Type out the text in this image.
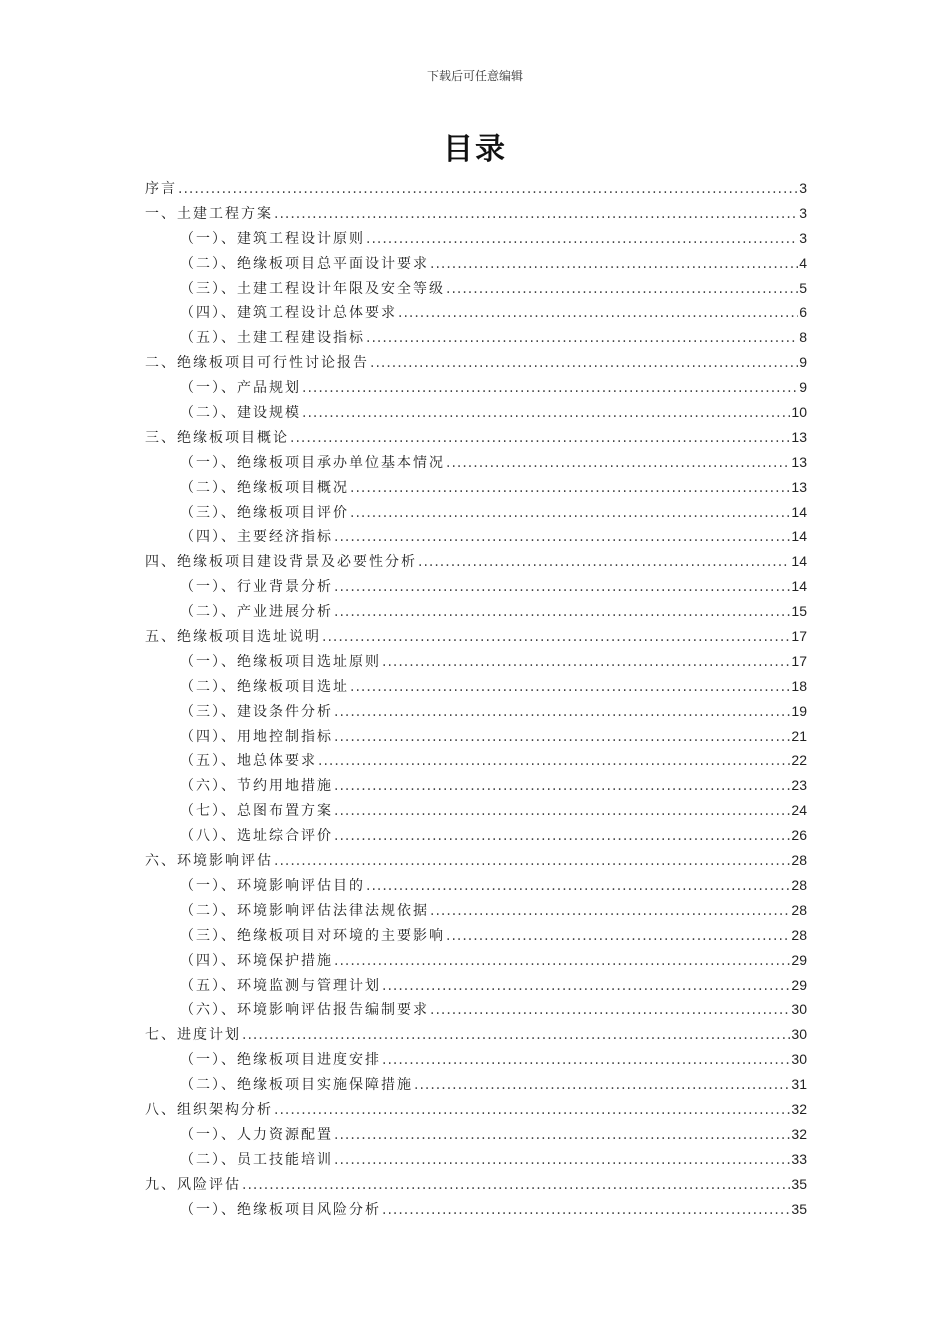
下载后可任意编辑
目录
序言 .....	3
一、土建工程方案 .....	3
（一）、建筑工程设计原则 .....	3
（二）、绝缘板项目总平面设计要求 .....	4
（三）、土建工程设计年限及安全等级 .....	5
（四）、建筑工程设计总体要求 .....	6
（五）、土建工程建设指标 .....	8
二、绝缘板项目可行性讨论报告 .....	9
（一）、产品规划 .....	9
（二）、建设规模 .....	10
三、绝缘板项目概论 .....	13
（一）、绝缘板项目承办单位基本情况 .....	13
（二）、绝缘板项目概况 .....	13
（三）、绝缘板项目评价 .....	14
（四）、主要经济指标 .....	14
四、绝缘板项目建设背景及必要性分析 .....	14
（一）、行业背景分析 .....	14
（二）、产业进展分析 .....	15
五、绝缘板项目选址说明 .....	17
（一）、绝缘板项目选址原则 .....	17
（二）、绝缘板项目选址 .....	18
（三）、建设条件分析 .....	19
（四）、用地控制指标 .....	21
（五）、地总体要求 .....	22
（六）、节约用地措施 .....	23
（七）、总图布置方案 .....	24
（八）、选址综合评价 .....	26
六、环境影响评估 .....	28
（一）、环境影响评估目的 .....	28
（二）、环境影响评估法律法规依据 .....	28
（三）、绝缘板项目对环境的主要影响 .....	28
（四）、环境保护措施 .....	29
（五）、环境监测与管理计划 .....	29
（六）、环境影响评估报告编制要求 .....	30
七、进度计划 .....	30
（一）、绝缘板项目进度安排 .....	30
（二）、绝缘板项目实施保障措施 .....	31
八、组织架构分析 .....	32
（一）、人力资源配置 .....	32
（二）、员工技能培训 .....	33
九、风险评估 .....	35
（一）、绝缘板项目风险分析 .....	35
